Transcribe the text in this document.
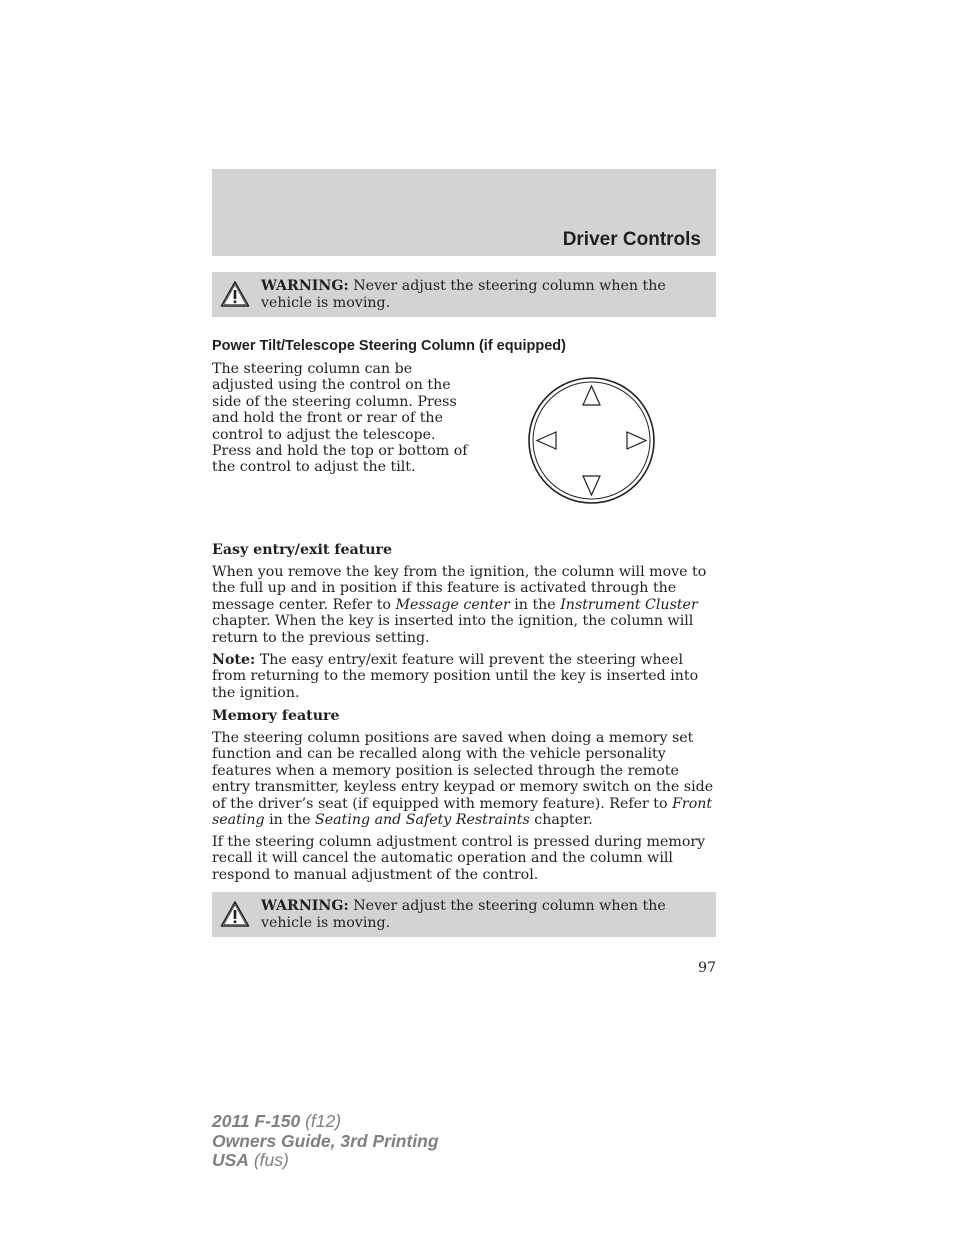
Driver Controls
WARNING: Never adjust the steering column when the vehicle is moving.
Power Tilt/Telescope Steering Column (if equipped)
The steering column can be
adjusted using the control on the
side of the steering column. Press
and hold the front or rear of the
control to adjust the telescope.
Press and hold the top or bottom of
the control to adjust the tilt.
Easy entry/exit feature
When you remove the key from the ignition, the column will move to the full up and in position if this feature is activated through the message center. Refer to Message center in the Instrument Cluster chapter. When the key is inserted into the ignition, the column will return to the previous setting.
Note: The easy entry/exit feature will prevent the steering wheel from returning to the memory position until the key is inserted into the ignition.
Memory feature
The steering column positions are saved when doing a memory set function and can be recalled along with the vehicle personality features when a memory position is selected through the remote entry transmitter, keyless entry keypad or memory switch on the side of the driver’s seat (if equipped with memory feature). Refer to Front seating in the Seating and Safety Restraints chapter.
If the steering column adjustment control is pressed during memory recall it will cancel the automatic operation and the column will respond to manual adjustment of the control.
WARNING: Never adjust the steering column when the vehicle is moving.
97
2011 F-150 (f12)
Owners Guide, 3rd Printing
USA (fus)
